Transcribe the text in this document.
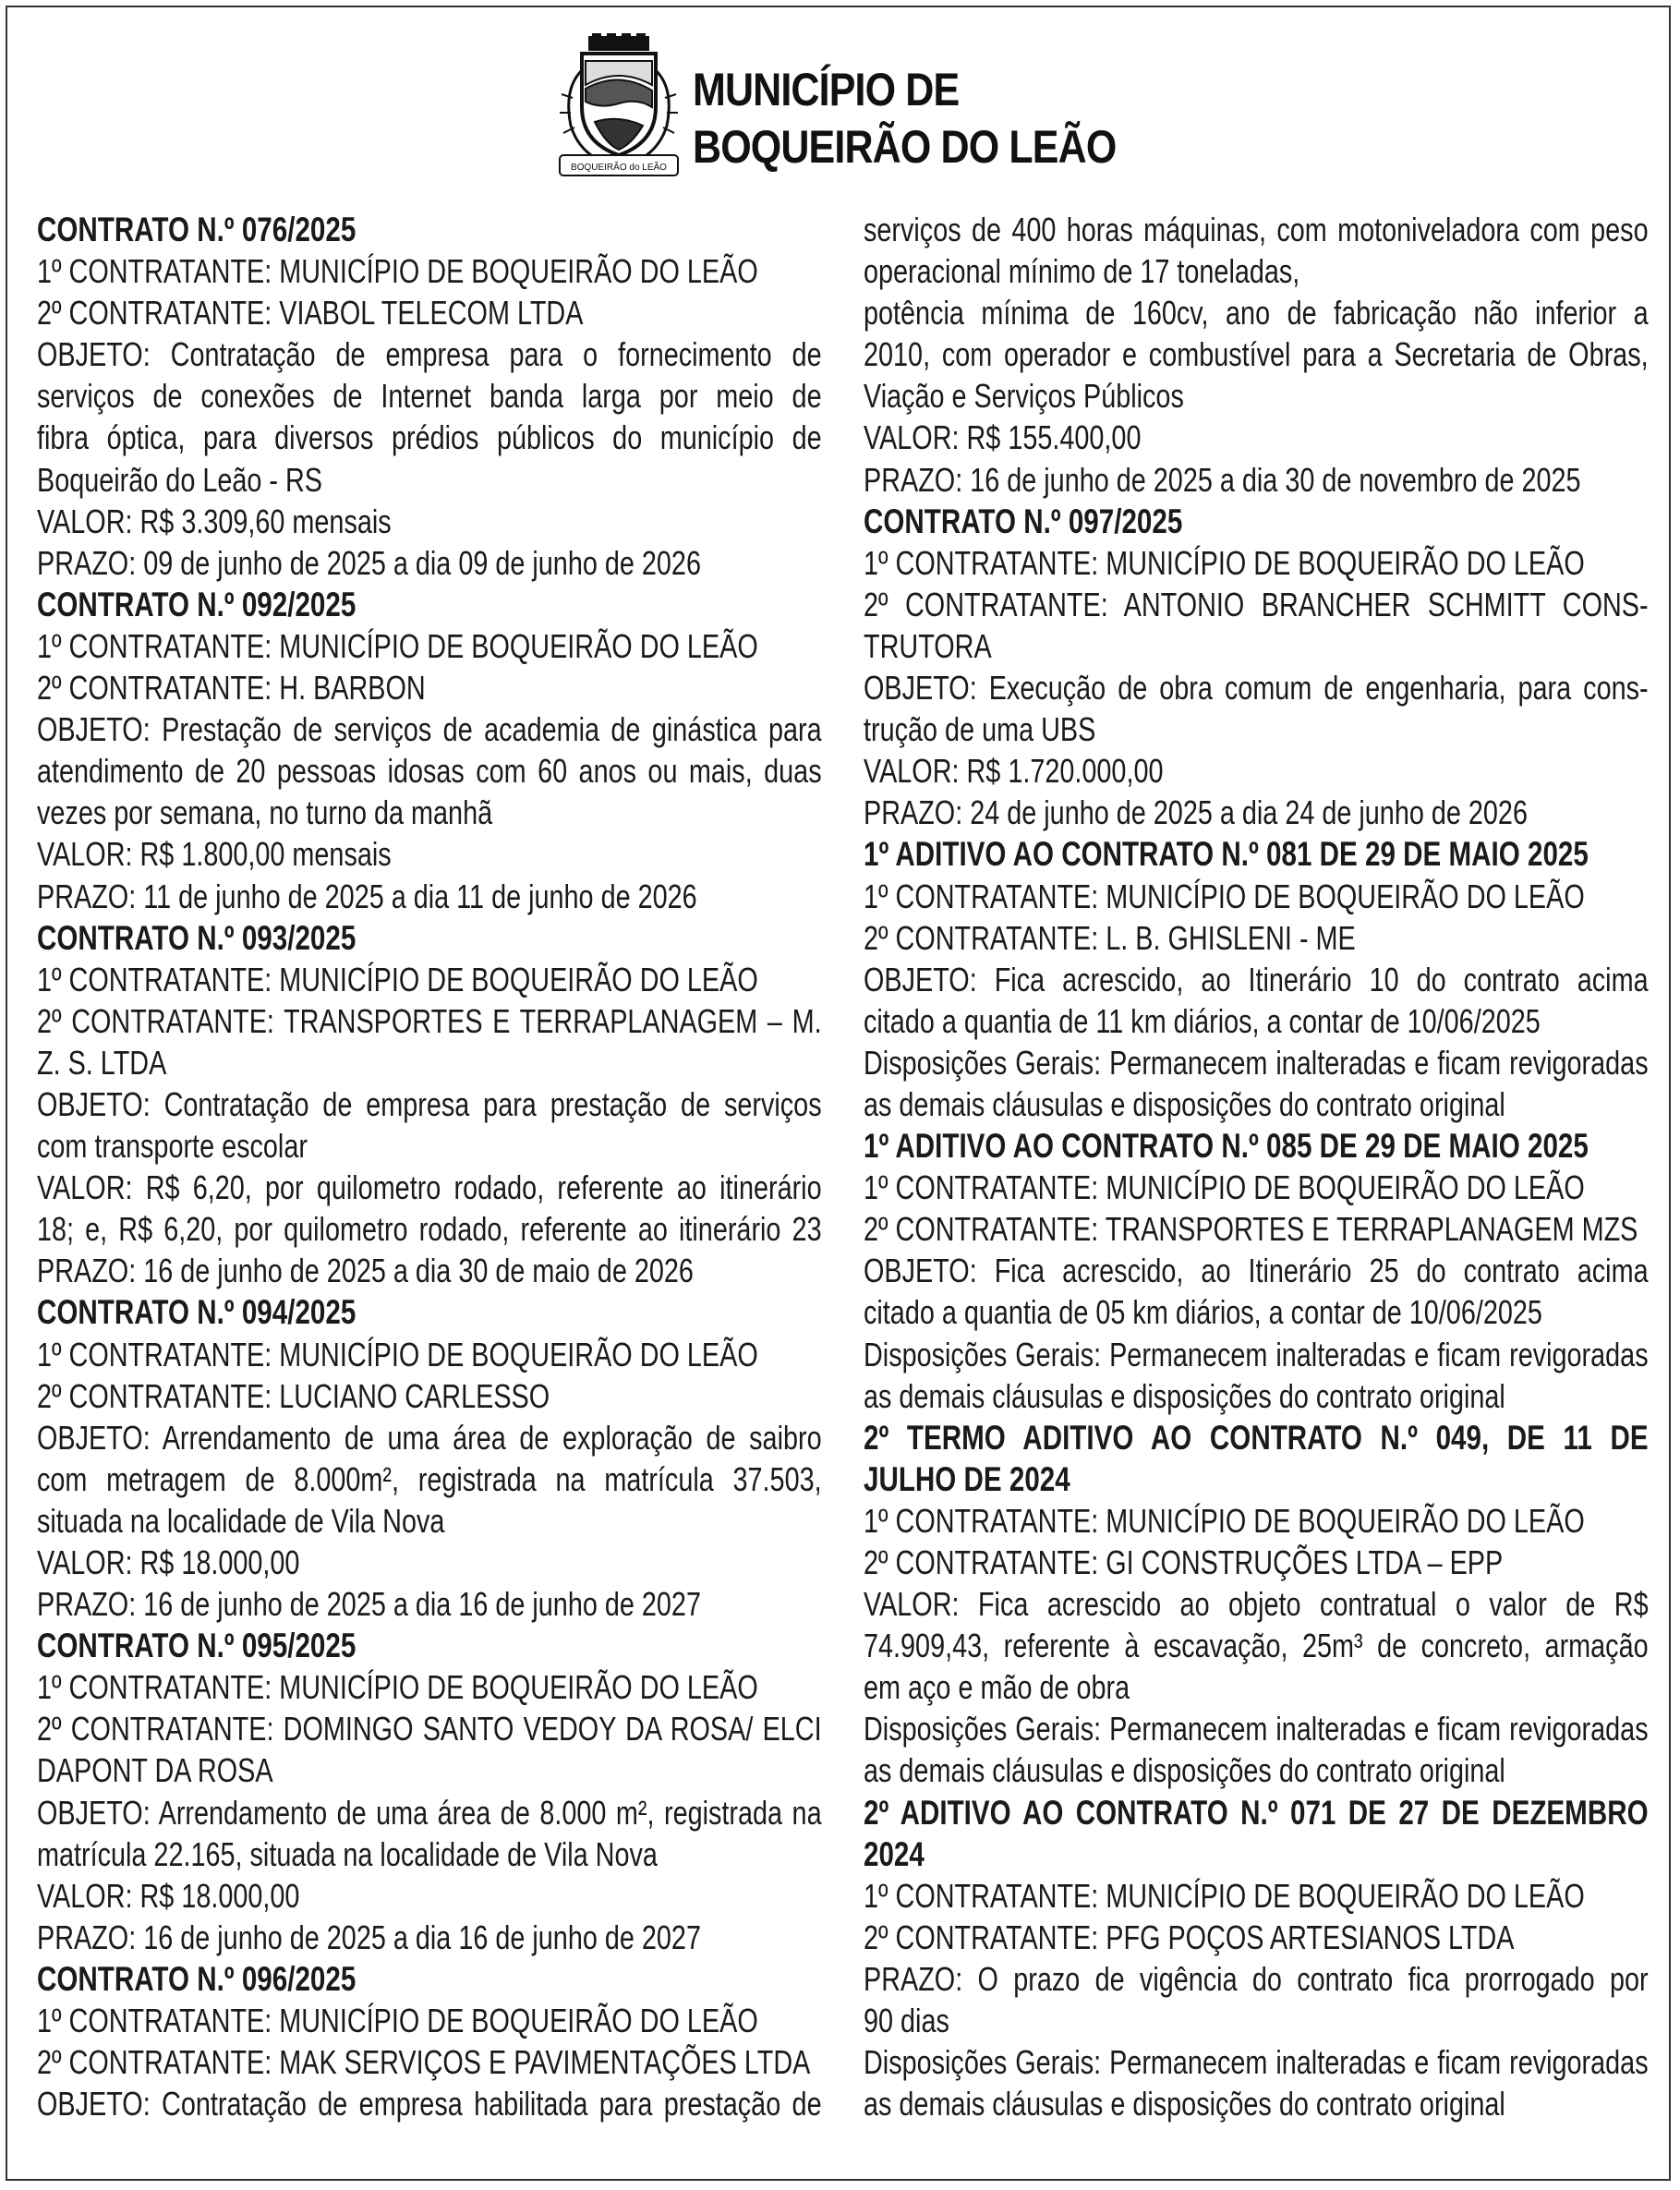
BOQUEIRÃO do LEÃO
MUNICÍPIO DE
BOQUEIRÃO DO LEÃO
CONTRATO N.º 076/2025
1º CONTRATANTE: MUNICÍPIO DE BOQUEIRÃO DO LEÃO
2º CONTRATANTE: VIABOL TELECOM LTDA
OBJETO: Contratação de empresa para o fornecimento de
serviços de conexões de Internet banda larga por meio de
fibra óptica, para diversos prédios públicos do município de
Boqueirão do Leão - RS
VALOR: R$ 3.309,60 mensais
PRAZO: 09 de junho de 2025 a dia 09 de junho de 2026
CONTRATO N.º 092/2025
1º CONTRATANTE: MUNICÍPIO DE BOQUEIRÃO DO LEÃO
2º CONTRATANTE: H. BARBON
OBJETO: Prestação de serviços de academia de ginástica para
atendimento de 20 pessoas idosas com 60 anos ou mais, duas
vezes por semana, no turno da manhã
VALOR: R$ 1.800,00 mensais
PRAZO: 11 de junho de 2025 a dia 11 de junho de 2026
CONTRATO N.º 093/2025
1º CONTRATANTE: MUNICÍPIO DE BOQUEIRÃO DO LEÃO
2º CONTRATANTE: TRANSPORTES E TERRAPLANAGEM – M.
Z. S. LTDA
OBJETO: Contratação de empresa para prestação de serviços
com transporte escolar
VALOR: R$ 6,20, por quilometro rodado, referente ao itinerário
18; e, R$ 6,20, por quilometro rodado, referente ao itinerário 23
PRAZO: 16 de junho de 2025 a dia 30 de maio de 2026
CONTRATO N.º 094/2025
1º CONTRATANTE: MUNICÍPIO DE BOQUEIRÃO DO LEÃO
2º CONTRATANTE: LUCIANO CARLESSO
OBJETO: Arrendamento de uma área de exploração de saibro
com metragem de 8.000m², registrada na matrícula 37.503,
situada na localidade de Vila Nova
VALOR: R$ 18.000,00
PRAZO: 16 de junho de 2025 a dia 16 de junho de 2027
CONTRATO N.º 095/2025
1º CONTRATANTE: MUNICÍPIO DE BOQUEIRÃO DO LEÃO
2º CONTRATANTE: DOMINGO SANTO VEDOY DA ROSA/ ELCI
DAPONT DA ROSA
OBJETO: Arrendamento de uma área de 8.000 m², registrada na
matrícula 22.165, situada na localidade de Vila Nova
VALOR: R$ 18.000,00
PRAZO: 16 de junho de 2025 a dia 16 de junho de 2027
CONTRATO N.º 096/2025
1º CONTRATANTE: MUNICÍPIO DE BOQUEIRÃO DO LEÃO
2º CONTRATANTE: MAK SERVIÇOS E PAVIMENTAÇÕES LTDA
OBJETO: Contratação de empresa habilitada para prestação de
serviços de 400 horas máquinas, com motoniveladora com peso
operacional mínimo de 17 toneladas,
potência mínima de 160cv, ano de fabricação não inferior a
2010, com operador e combustível para a Secretaria de Obras,
Viação e Serviços Públicos
VALOR: R$ 155.400,00
PRAZO: 16 de junho de 2025 a dia 30 de novembro de 2025
CONTRATO N.º 097/2025
1º CONTRATANTE: MUNICÍPIO DE BOQUEIRÃO DO LEÃO
2º CONTRATANTE: ANTONIO BRANCHER SCHMITT CONS-
TRUTORA
OBJETO: Execução de obra comum de engenharia, para cons-
trução de uma UBS
VALOR: R$ 1.720.000,00
PRAZO: 24 de junho de 2025 a dia 24 de junho de 2026
1º ADITIVO AO CONTRATO N.º 081 DE 29 DE MAIO 2025
1º CONTRATANTE: MUNICÍPIO DE BOQUEIRÃO DO LEÃO
2º CONTRATANTE: L. B. GHISLENI - ME
OBJETO: Fica acrescido, ao Itinerário 10 do contrato acima
citado a quantia de 11 km diários, a contar de 10/06/2025
Disposições Gerais: Permanecem inalteradas e ficam revigoradas
as demais cláusulas e disposições do contrato original
1º ADITIVO AO CONTRATO N.º 085 DE 29 DE MAIO 2025
1º CONTRATANTE: MUNICÍPIO DE BOQUEIRÃO DO LEÃO
2º CONTRATANTE: TRANSPORTES E TERRAPLANAGEM MZS
OBJETO: Fica acrescido, ao Itinerário 25 do contrato acima
citado a quantia de 05 km diários, a contar de 10/06/2025
Disposições Gerais: Permanecem inalteradas e ficam revigoradas
as demais cláusulas e disposições do contrato original
2º TERMO ADITIVO AO CONTRATO N.º 049, DE 11 DE
JULHO DE 2024
1º CONTRATANTE: MUNICÍPIO DE BOQUEIRÃO DO LEÃO
2º CONTRATANTE: GI CONSTRUÇÕES LTDA – EPP
VALOR: Fica acrescido ao objeto contratual o valor de R$
74.909,43, referente à escavação, 25m³ de concreto, armação
em aço e mão de obra
Disposições Gerais: Permanecem inalteradas e ficam revigoradas
as demais cláusulas e disposições do contrato original
2º ADITIVO AO CONTRATO N.º 071 DE 27 DE DEZEMBRO
2024
1º CONTRATANTE: MUNICÍPIO DE BOQUEIRÃO DO LEÃO
2º CONTRATANTE: PFG POÇOS ARTESIANOS LTDA
PRAZO: O prazo de vigência do contrato fica prorrogado por
90 dias
Disposições Gerais: Permanecem inalteradas e ficam revigoradas
as demais cláusulas e disposições do contrato original
